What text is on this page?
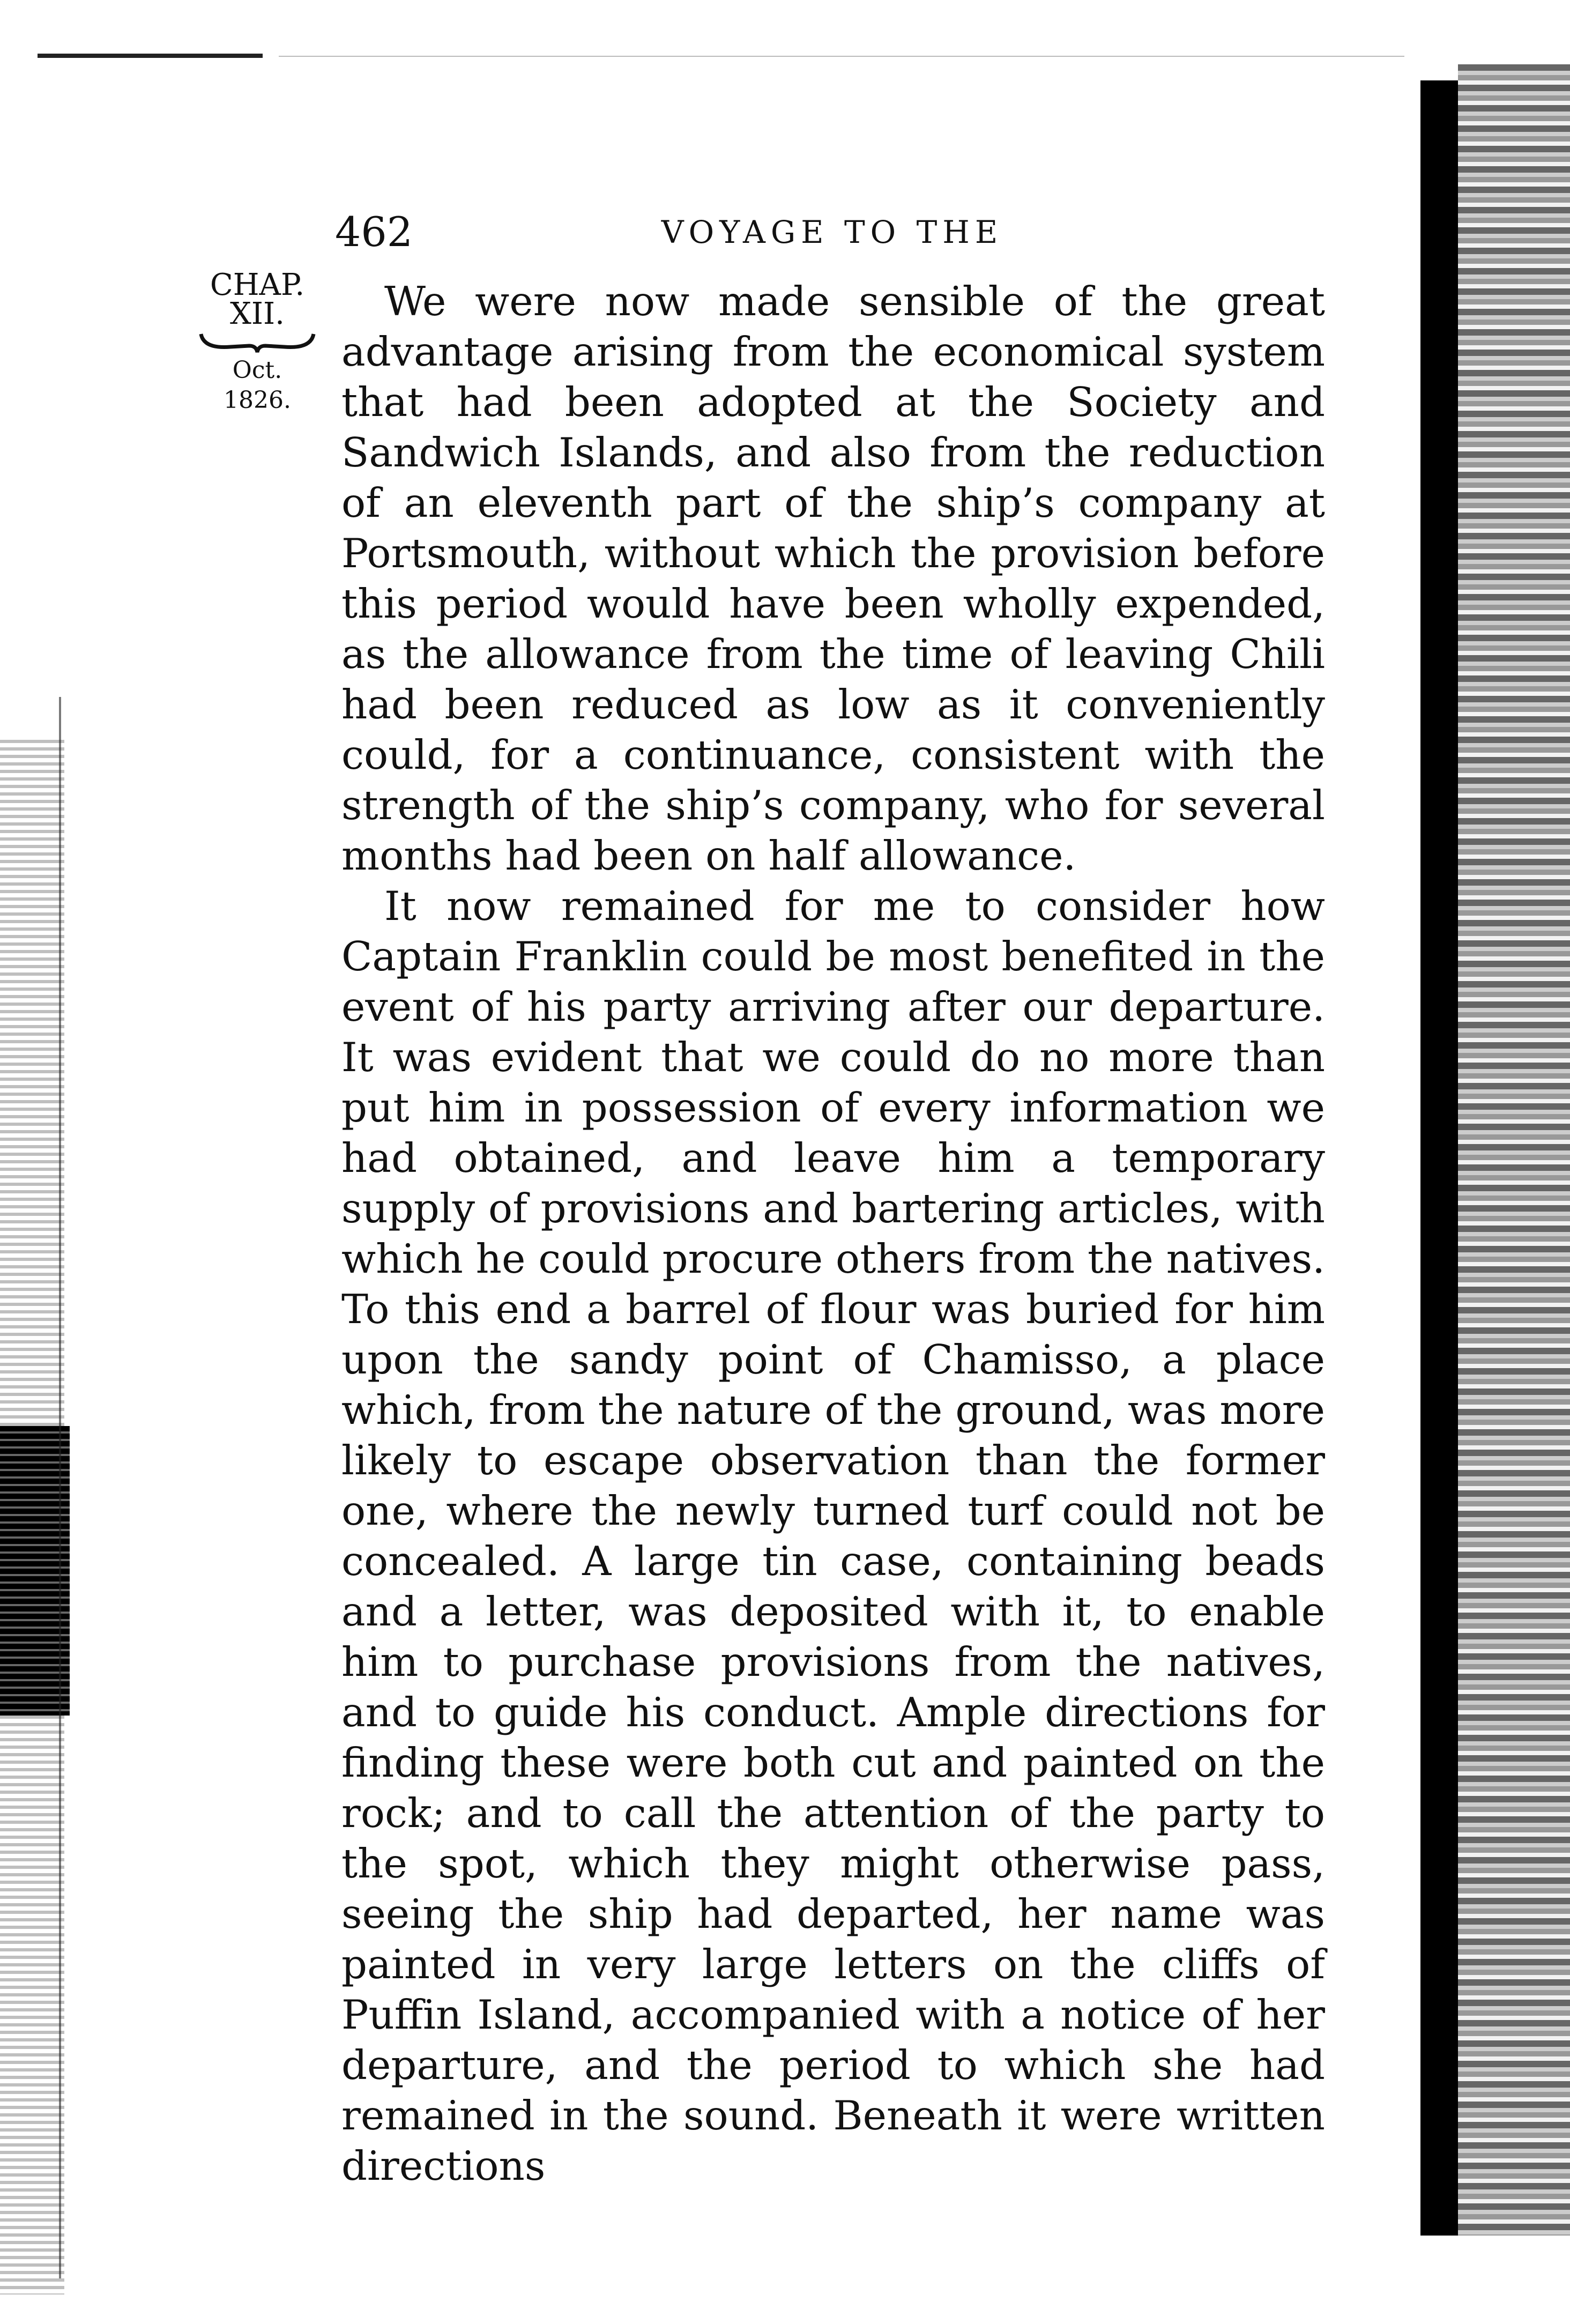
462	VOYAGE TO THE
CHAP.
XII.
Oct.
1826.

We were now made sensible of the great advantage arising from the economical system that had been adopted at the Society and Sandwich Islands, and also from the reduction of an eleventh part of the ship’s company at Portsmouth, without which the provision before this period would have been wholly expended, as the allowance from the time of leaving Chili had been reduced as low as it conveniently could, for a continuance, consistent with the strength of the ship’s company, who for several months had been on half allowance.

It now remained for me to consider how Captain Franklin could be most benefited in the event of his party arriving after our departure. It was evident that we could do no more than put him in possession of every information we had obtained, and leave him a temporary supply of provisions and bartering articles, with which he could procure others from the natives. To this end a barrel of flour was buried for him upon the sandy point of Chamisso, a place which, from the nature of the ground, was more likely to escape observation than the former one, where the newly turned turf could not be concealed. A large tin case, containing beads and a letter, was deposited with it, to enable him to purchase provisions from the natives, and to guide his conduct. Ample directions for finding these were both cut and painted on the rock; and to call the attention of the party to the spot, which they might otherwise pass, seeing the ship had departed, her name was painted in very large letters on the cliffs of Puffin Island, accompanied with a notice of her departure, and the period to which she had remained in the sound. Beneath it were written directions
